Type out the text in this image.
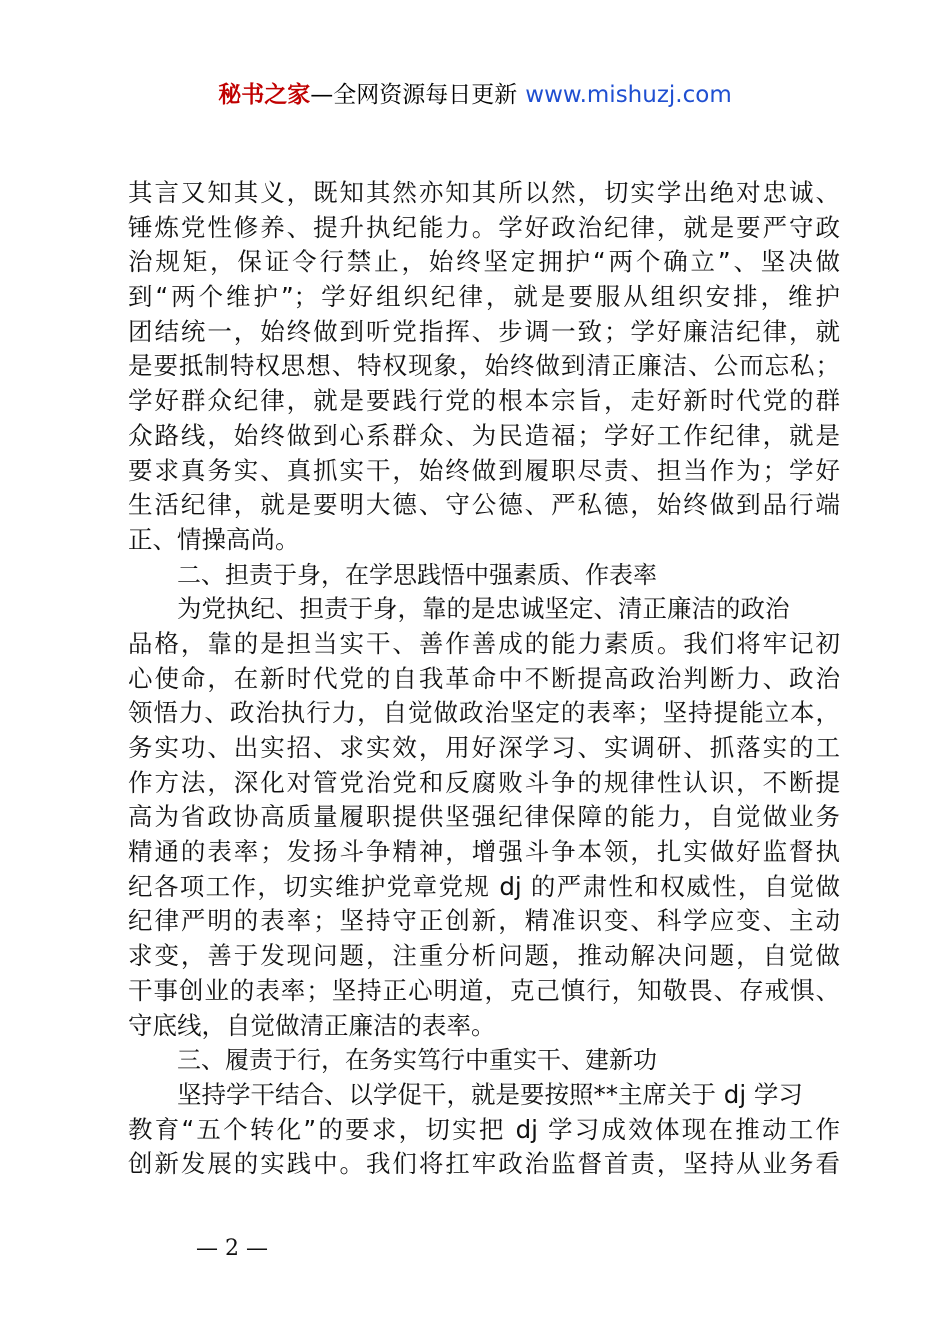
秘书之家—全网资源每日更新 www.mishuzj.com
其言又知其义，既知其然亦知其所以然，切实学出绝对忠诚、
锤炼党性修养、提升执纪能力。学好政治纪律，就是要严守政
治规矩，保证令行禁止，始终坚定拥护“两个确立”、坚决做
到“两个维护”；学好组织纪律，就是要服从组织安排，维护
团结统一，始终做到听党指挥、步调一致；学好廉洁纪律，就
是要抵制特权思想、特权现象，始终做到清正廉洁、公而忘私；
学好群众纪律，就是要践行党的根本宗旨，走好新时代党的群
众路线，始终做到心系群众、为民造福；学好工作纪律，就是
要求真务实、真抓实干，始终做到履职尽责、担当作为；学好
生活纪律，就是要明大德、守公德、严私德，始终做到品行端
正、情操高尚。
二、担责于身，在学思践悟中强素质、作表率
为党执纪、担责于身，靠的是忠诚坚定、清正廉洁的政治
品格，靠的是担当实干、善作善成的能力素质。我们将牢记初
心使命，在新时代党的自我革命中不断提高政治判断力、政治
领悟力、政治执行力，自觉做政治坚定的表率；坚持提能立本，
务实功、出实招、求实效，用好深学习、实调研、抓落实的工
作方法，深化对管党治党和反腐败斗争的规律性认识，不断提
高为省政协高质量履职提供坚强纪律保障的能力，自觉做业务
精通的表率；发扬斗争精神，增强斗争本领，扎实做好监督执
纪各项工作，切实维护党章党规 dj 的严肃性和权威性，自觉做
纪律严明的表率；坚持守正创新，精准识变、科学应变、主动
求变，善于发现问题，注重分析问题，推动解决问题，自觉做
干事创业的表率；坚持正心明道，克己慎行，知敬畏、存戒惧、
守底线，自觉做清正廉洁的表率。
三、履责于行，在务实笃行中重实干、建新功
坚持学干结合、以学促干，就是要按照**主席关于 dj 学习
教育“五个转化”的要求，切实把 dj 学习成效体现在推动工作
创新发展的实践中。我们将扛牢政治监督首责，坚持从业务看
— 2 —
